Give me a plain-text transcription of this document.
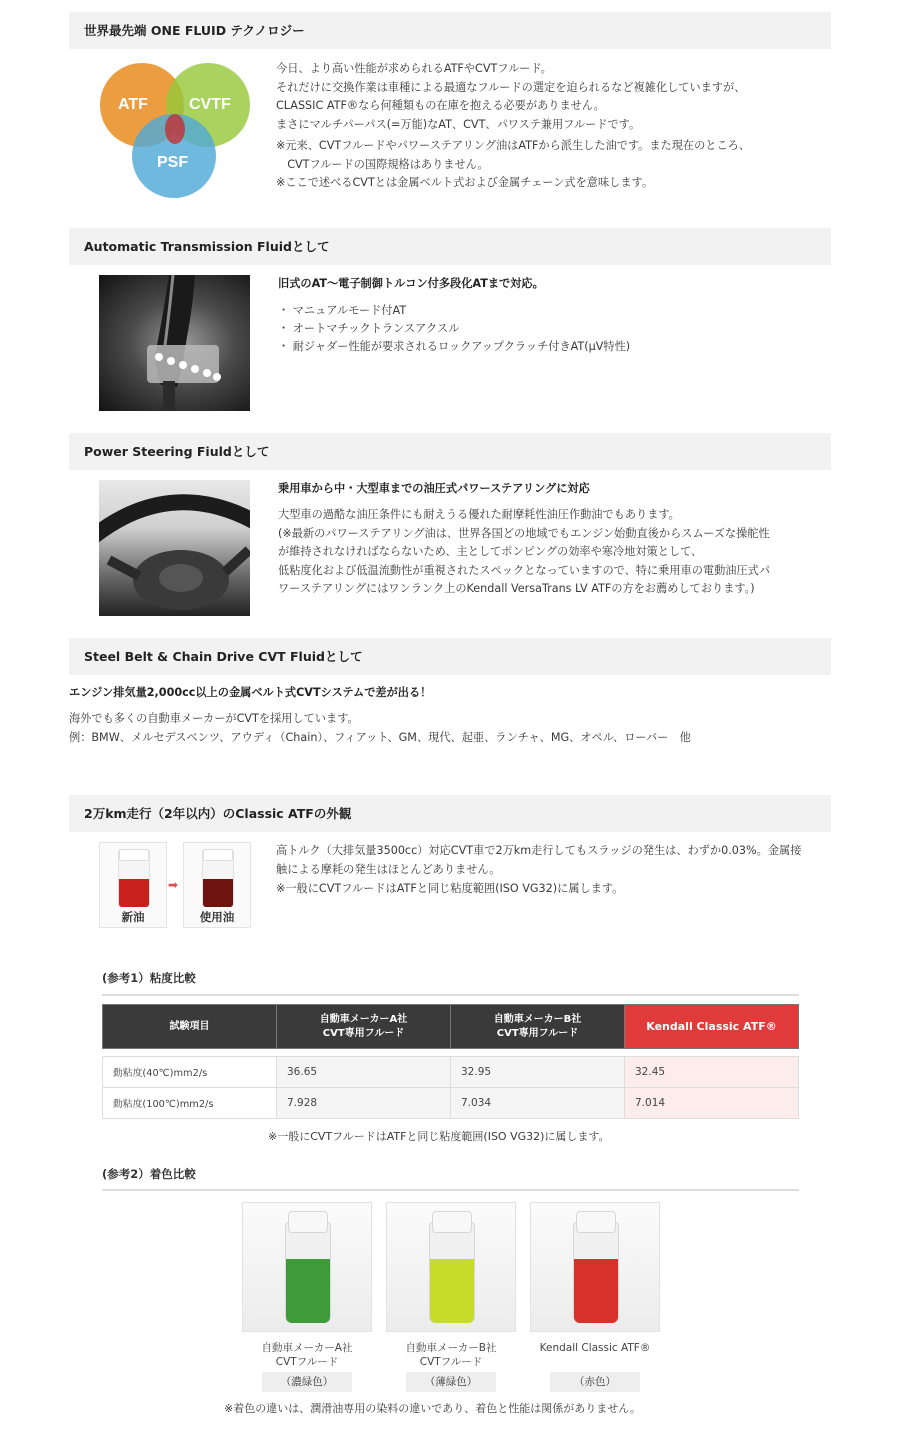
世界最先端 ONE FLUID テクノロジー
ATF	CVTF
PSF
今日、より高い性能が求められるATFやCVTフルード。
それだけに交換作業は車種による最適なフルードの選定を迫られるなど複雑化していますが、
CLASSIC ATF®なら何種類もの在庫を抱える必要がありません。
まさにマルチパーパス(=万能)なAT、CVT、パワステ兼用フルードです。
※元来、CVTフルードやパワーステアリング油はATFから派生した油です。また現在のところ、
　CVTフルードの国際規格はありません。
※ここで述べるCVTとは金属ベルト式および金属チェーン式を意味します。
Automatic Transmission Fluidとして
旧式のAT〜電子制御トルコン付多段化ATまで対応。
・ マニュアルモード付AT
・ オートマチックトランスアクスル
・ 耐ジャダー性能が要求されるロックアップクラッチ付きAT(μV特性)
Power Steering Fiuldとして
乗用車から中・大型車までの油圧式パワーステアリングに対応
大型車の過酷な油圧条件にも耐えうる優れた耐摩耗性油圧作動油でもあります。
(※最新のパワーステアリング油は、世界各国どの地域でもエンジン始動直後からスムーズな操舵性
が維持されなければならないため、主としてポンピングの効率や寒冷地対策として、
低粘度化および低温流動性が重視されたスペックとなっていますので、特に乗用車の電動油圧式パ
ワーステアリングにはワンランク上のKendall VersaTrans LV ATFの方をお薦めしております。)
Steel Belt & Chain Drive CVT Fluidとして
エンジン排気量2,000cc以上の金属ベルト式CVTシステムで差が出る！
海外でも多くの自動車メーカーがCVTを採用しています。
例：BMW、メルセデスベンツ、アウディ（Chain）、フィアット、GM、現代、起亜、ランチャ、MG、オペル、ローバー　他
2万km走行（2年以内）のClassic ATFの外観
新油
➡
使用油
高トルク（大排気量3500cc）対応CVT車で2万km走行してもスラッジの発生は、わずか0.03%。金属接
触による摩耗の発生はほとんどありません。
※一般にCVTフルードはATFと同じ粘度範囲(ISO VG32)に属します。
(参考1）粘度比較
試験項目	自動車メーカーA社
CVT専用フルード	自動車メーカーB社
CVT専用フルード	Kendall Classic ATF®

動粘度(40℃)mm2/s	36.65	32.95	32.45
動粘度(100℃)mm2/s	7.928	7.034	7.014
※一般にCVTフルードはATFと同じ粘度範囲(ISO VG32)に属します。
(参考2）着色比較
自動車メーカーA社
CVTフルード
自動車メーカーB社
CVTフルード
Kendall Classic ATF®
（濃緑色）	（薄緑色）	（赤色）
※着色の違いは、潤滑油専用の染料の違いであり、着色と性能は関係がありません。
